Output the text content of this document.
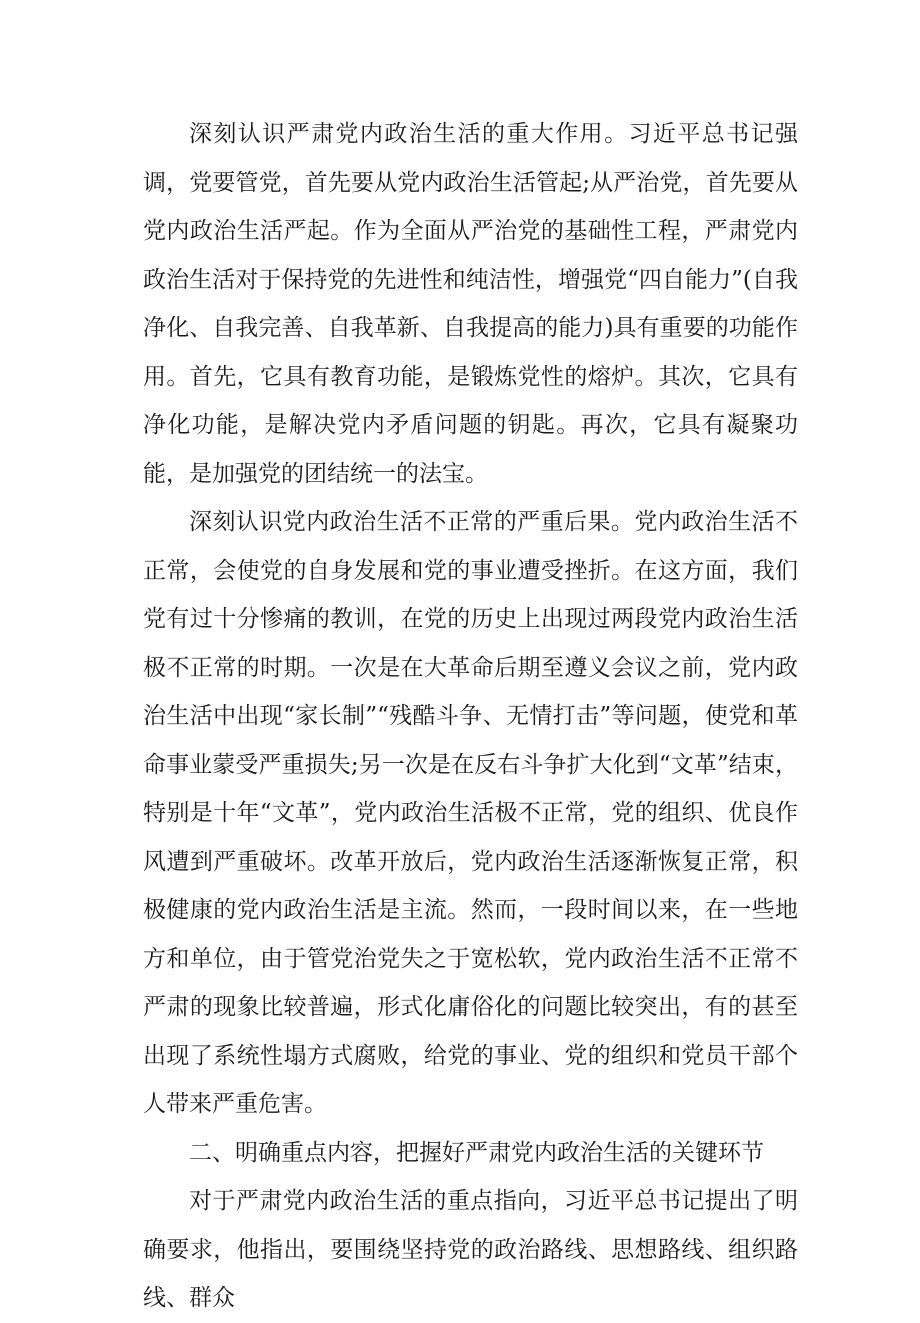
深刻认识严肃党内政治生活的重大作用。习近平总书记强调，党要管党，首先要从党内政治生活管起;从严治党，首先要从党内政治生活严起。作为全面从严治党的基础性工程，严肃党内政治生活对于保持党的先进性和纯洁性，增强党“四自能力”(自我净化、自我完善、自我革新、自我提高的能力)具有重要的功能作用。首先，它具有教育功能，是锻炼党性的熔炉。其次，它具有净化功能，是解决党内矛盾问题的钥匙。再次，它具有凝聚功能，是加强党的团结统一的法宝。

深刻认识党内政治生活不正常的严重后果。党内政治生活不正常，会使党的自身发展和党的事业遭受挫折。在这方面，我们党有过十分惨痛的教训，在党的历史上出现过两段党内政治生活极不正常的时期。一次是在大革命后期至遵义会议之前，党内政治生活中出现“家长制”“残酷斗争、无情打击”等问题，使党和革命事业蒙受严重损失;另一次是在反右斗争扩大化到“文革”结束，特别是十年“文革”，党内政治生活极不正常，党的组织、优良作风遭到严重破坏。改革开放后，党内政治生活逐渐恢复正常，积极健康的党内政治生活是主流。然而，一段时间以来，在一些地方和单位，由于管党治党失之于宽松软，党内政治生活不正常不严肃的现象比较普遍，形式化庸俗化的问题比较突出，有的甚至出现了系统性塌方式腐败，给党的事业、党的组织和党员干部个人带来严重危害。

二、明确重点内容，把握好严肃党内政治生活的关键环节

对于严肃党内政治生活的重点指向，习近平总书记提出了明确要求，他指出，要围绕坚持党的政治路线、思想路线、组织路线、群众
